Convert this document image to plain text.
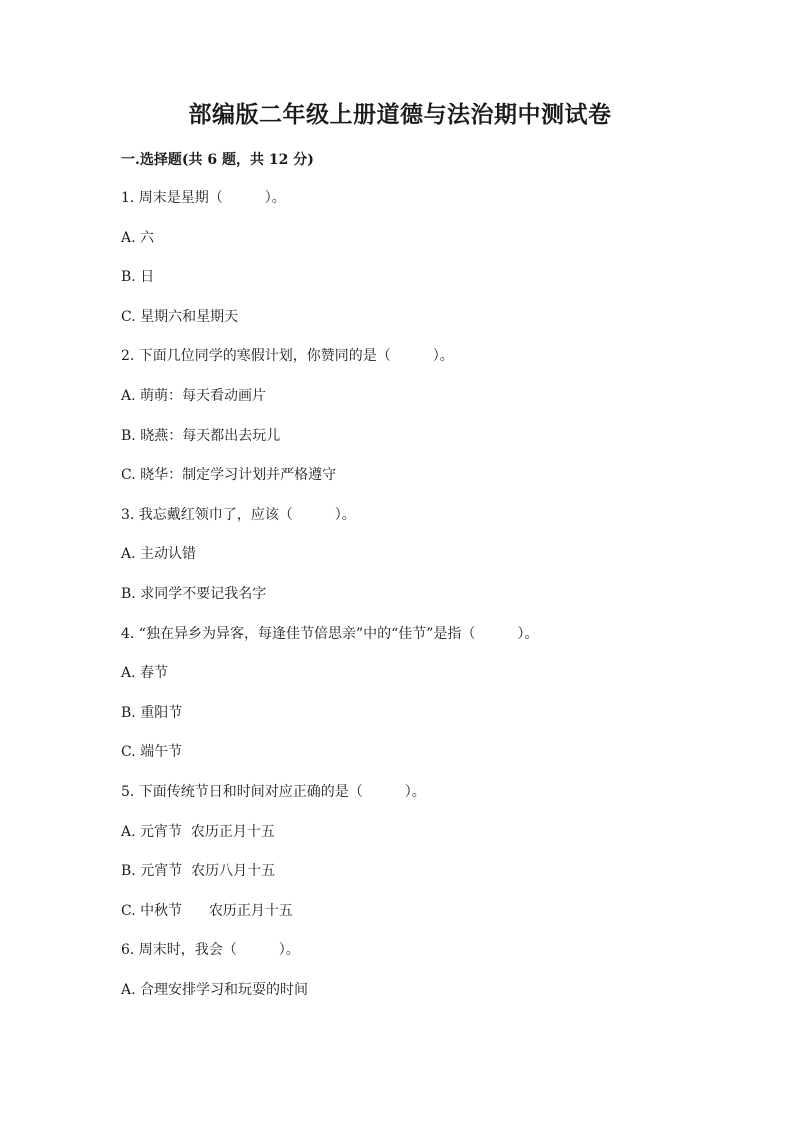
部编版二年级上册道德与法治期中测试卷
一.选择题(共 6 题，共 12 分)

1. 周末是星期（　　　）。

A. 六

B. 日

C. 星期六和星期天

2. 下面几位同学的寒假计划，你赞同的是（　　　）。

A. 萌萌：每天看动画片

B. 晓燕：每天都出去玩儿

C. 晓华：制定学习计划并严格遵守

3. 我忘戴红领巾了，应该（　　　）。

A. 主动认错

B. 求同学不要记我名字

4. “独在异乡为异客，每逢佳节倍思亲”中的“佳节”是指（　　　）。

A. 春节

B. 重阳节

C. 端午节

5. 下面传统节日和时间对应正确的是（　　　）。

A. 元宵节  农历正月十五

B. 元宵节  农历八月十五

C. 中秋节      农历正月十五

6. 周末时，我会（　　　）。

A. 合理安排学习和玩耍的时间
